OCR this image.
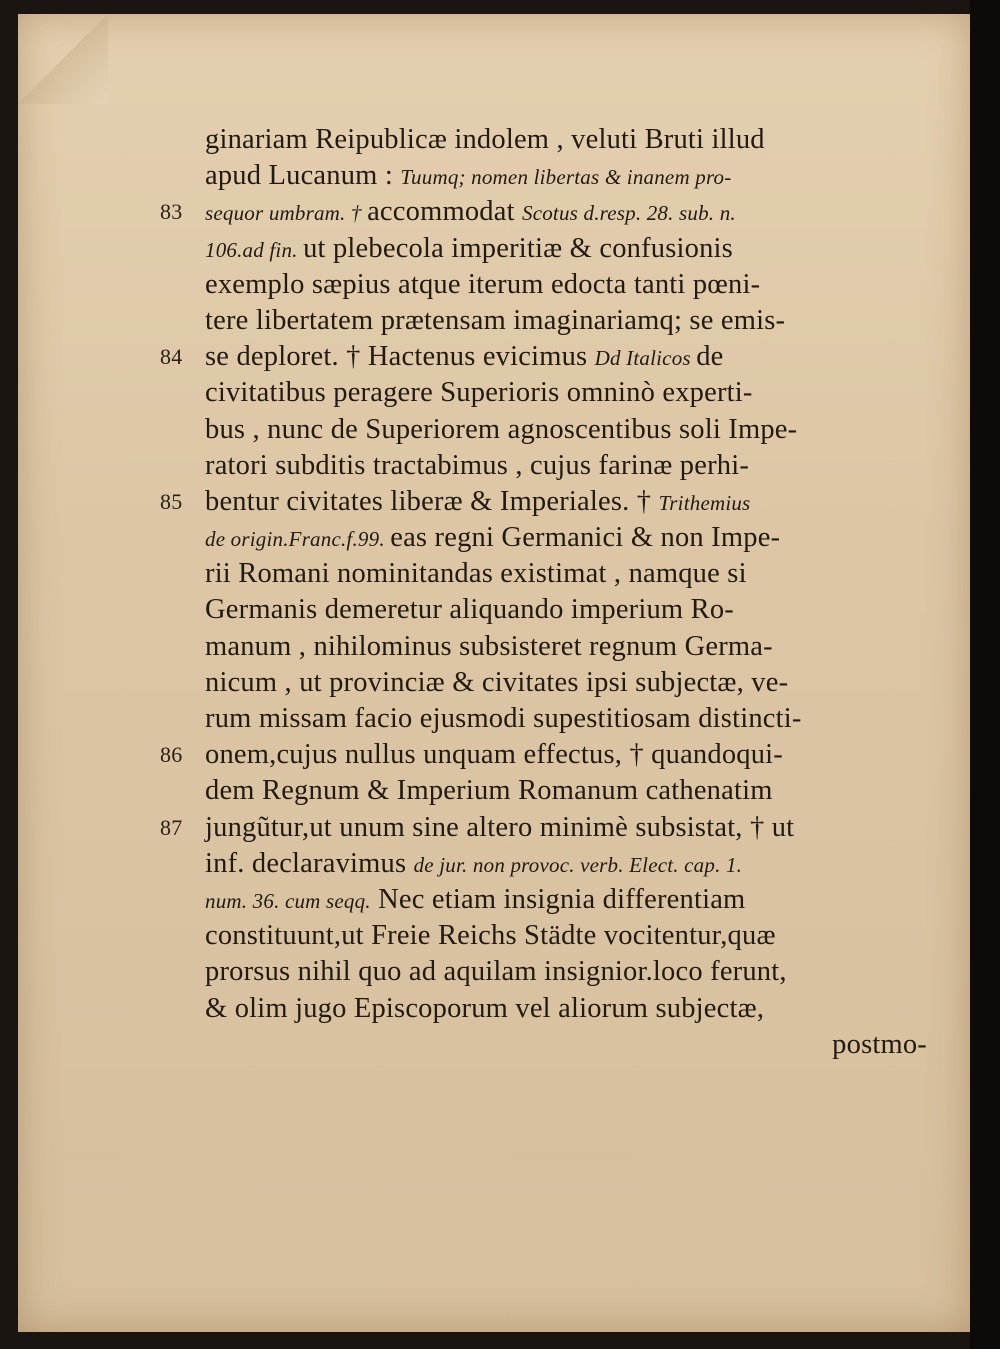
ginariam Reipublicæ indolem , veluti Bruti illud
apud Lucanum : Tuumq; nomen libertas & inanem pro-
83 sequor umbram. † accommodat Scotus d.resp. 28. sub. n.
106.ad fin. ut plebecola imperitiæ & confusionis
exemplo sæpius atque iterum edocta tanti pœni-
tere libertatem prætensam imaginariamq; se emis-
84 se deploret. † Hactenus evicimus Dd Italicos de
civitatibus peragere Superioris omninò experti-
bus , nunc de Superiorem agnoscentibus soli Impe-
ratori subditis tractabimus , cujus farinæ perhi-
85 bentur civitates liberæ & Imperiales. † Trithemius
de origin.Franc.f.99. eas regni Germanici & non Impe-
rii Romani nominitandas existimat , namque si
Germanis demeretur aliquando imperium Ro-
manum , nihilominus subsisteret regnum Germa-
nicum , ut provinciæ & civitates ipsi subjectæ, ve-
rum missam facio ejusmodi supestitiosam distincti-
86 onem,cujus nullus unquam effectus, † quandoqui-
dem Regnum & Imperium Romanum cathenatim
87 jungũtur,ut unum sine altero minimè subsistat, † ut
inf. declaravimus de jur. non provoc. verb. Elect. cap. 1.
num. 36. cum seqq. Nec etiam insignia differentiam
constituunt,ut Freie Reichs Städte vocitentur,quæ
prorsus nihil quo ad aquilam insignior.loco ferunt,
& olim jugo Episcoporum vel aliorum subjectæ,
postmo-
